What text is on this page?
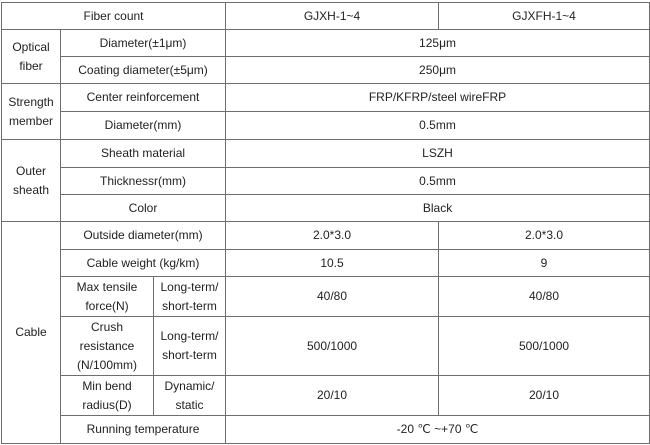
Fiber count			GJXH-1~4	GJXFH-1~4
Optical fiber	Diameter(±1μm)		125μm	
	Coating diameter(±5μm)		250μm	
Strength member	Center reinforcement		FRP/KFRP/steel wireFRP	
	Diameter(mm)		0.5mm	
Outer sheath	Sheath material		LSZH	
	Thicknessr(mm)		0.5mm	
	Color		Black	
Cable	Outside diameter(mm)		2.0*3.0	2.0*3.0
	Cable weight (kg/km)		10.5	9
	Max tensile force(N)	Long-term/ short-term	40/80	40/80
	Crush resistance (N/100mm)	Long-term/ short-term	500/1000	500/1000
	Min bend radius(D)	Dynamic/ static	20/10	20/10
	Running temperature		-20 ℃ ~+70 ℃	
